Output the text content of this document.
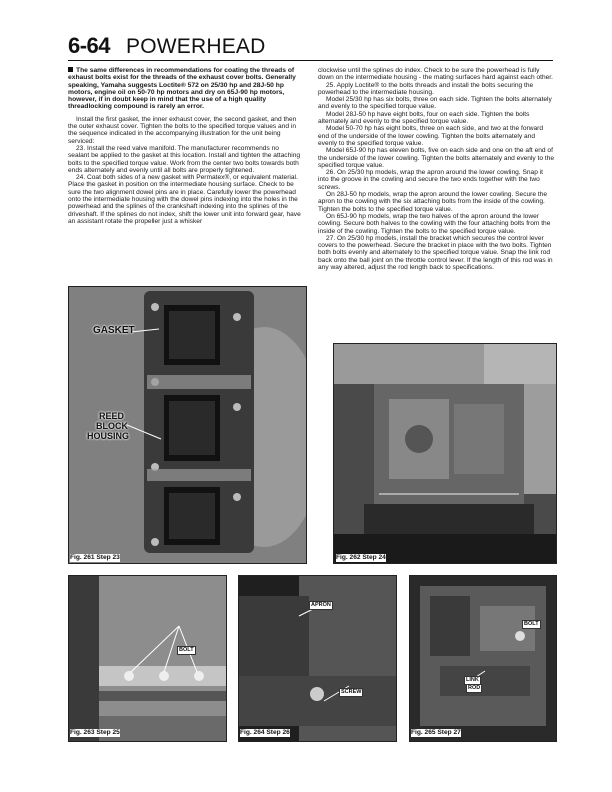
6-64 POWERHEAD

The same differences in recommendations for coating the threads of exhaust bolts exist for the threads of the exhaust cover bolts. Generally speaking, Yamaha suggests Loctite® 572 on 25/30 hp and 28J-50 hp motors, engine oil on 50-70 hp motors and dry on 65J-90 hp motors, however, if in doubt keep in mind that the use of a high quality threadlocking compound is rarely an error.

Install the first gasket, the inner exhaust cover, the second gasket, and then the outer exhaust cover. Tighten the bolts to the specified torque values and in the sequence indicated in the accompanying illustration for the unit being serviced:

23. Install the reed valve manifold. The manufacturer recommends no sealant be applied to the gasket at this location. Install and tighten the attaching bolts to the specified torque value. Work from the center two bolts towards both ends alternately and evenly until all bolts are properly tightened.

24. Coat both sides of a new gasket with Permatex®, or equivalent material. Place the gasket in position on the intermediate housing surface. Check to be sure the two alignment dowel pins are in place. Carefully lower the powerhead onto the intermediate housing with the dowel pins indexing into the holes in the powerhead and the splines of the crankshaft indexing into the splines of the driveshaft. If the splines do not index, shift the lower unit into forward gear, have an assistant rotate the propeller just a whisker

clockwise until the splines do index. Check to be sure the powerhead is fully down on the intermediate housing - the mating surfaces hard against each other.

25. Apply Loctite® to the bolts threads and install the bolts securing the powerhead to the intermediate housing.

Model 25/30 hp has six bolts, three on each side. Tighten the bolts alternately and evenly to the specified torque value.

Model 28J-50 hp have eight bolts, four on each side. Tighten the bolts alternately and evenly to the specified torque value.

Model 50-70 hp has eight bolts, three on each side, and two at the forward end of the underside of the lower cowling. Tighten the bolts alternately and evenly to the specified torque value.

Model 65J-90 hp has eleven bolts, five on each side and one on the aft end of the underside of the lower cowling. Tighten the bolts alternately and evenly to the specified torque value.

26. On 25/30 hp models, wrap the apron around the lower cowling. Snap it into the groove in the cowling and secure the two ends together with the two screws.

On 28J-50 hp models, wrap the apron around the lower cowling. Secure the apron to the cowling with the six attaching bolts from the inside of the cowling. Tighten the bolts to the specified torque value.

On 65J-90 hp models, wrap the two halves of the apron around the lower cowling. Secure both halves to the cowling with the four attaching bolts from the inside of the cowling. Tighten the bolts to the specified torque value.

27. On 25/30 hp models, install the bracket which secures the control lever covers to the powerhead. Secure the bracket in place with the two bolts. Tighten both bolts evenly and alternately to the specified torque value. Snap the link rod back onto the ball joint on the throttle control lever. If the length of this rod was in any way altered, adjust the rod length back to specifications.

GASKET
REED
BLOCK
HOUSING
Fig. 261 Step 23	Fig. 262 Step 24
BOLT
Fig. 263 Step 25
APRON
SCREW
Fig. 264 Step 26
BOLT
LINK
ROD
Fig. 265 Step 27
